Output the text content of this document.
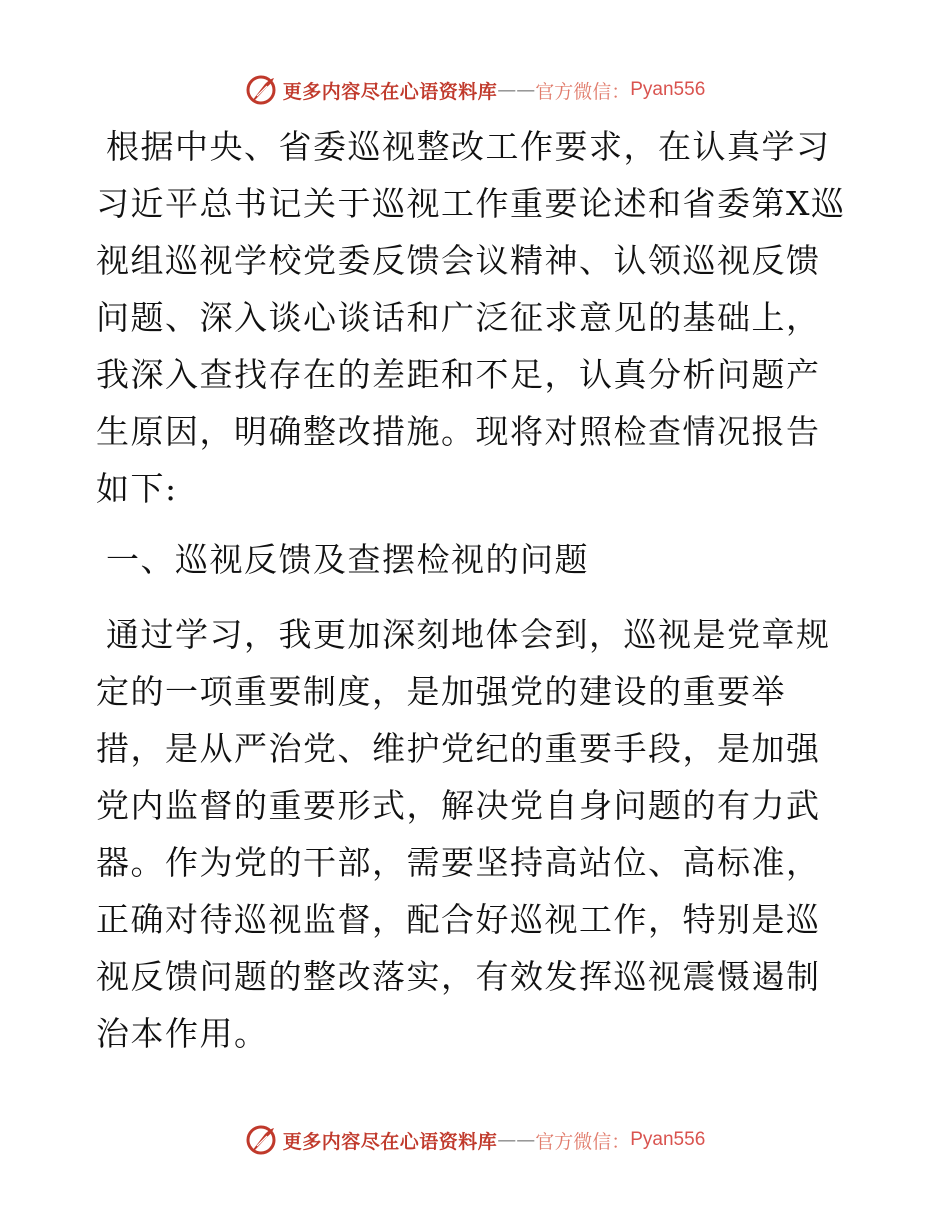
更多内容尽在心语资料库 —— 官方微信： Pyan556

根据中央、省委巡视整改工作要求，在认真学习习近平总书记关于巡视工作重要论述和省委第X巡视组巡视学校党委反馈会议精神、认领巡视反馈问题、深入谈心谈话和广泛征求意见的基础上，我深入查找存在的差距和不足，认真分析问题产生原因，明确整改措施。现将对照检查情况报告如下:

一、巡视反馈及查摆检视的问题

通过学习，我更加深刻地体会到，巡视是党章规定的一项重要制度，是加强党的建设的重要举措，是从严治党、维护党纪的重要手段，是加强党内监督的重要形式，解决党自身问题的有力武器。作为党的干部，需要坚持高站位、高标准，正确对待巡视监督，配合好巡视工作，特别是巡视反馈问题的整改落实，有效发挥巡视震慑遏制治本作用。

更多内容尽在心语资料库 —— 官方微信： Pyan556
